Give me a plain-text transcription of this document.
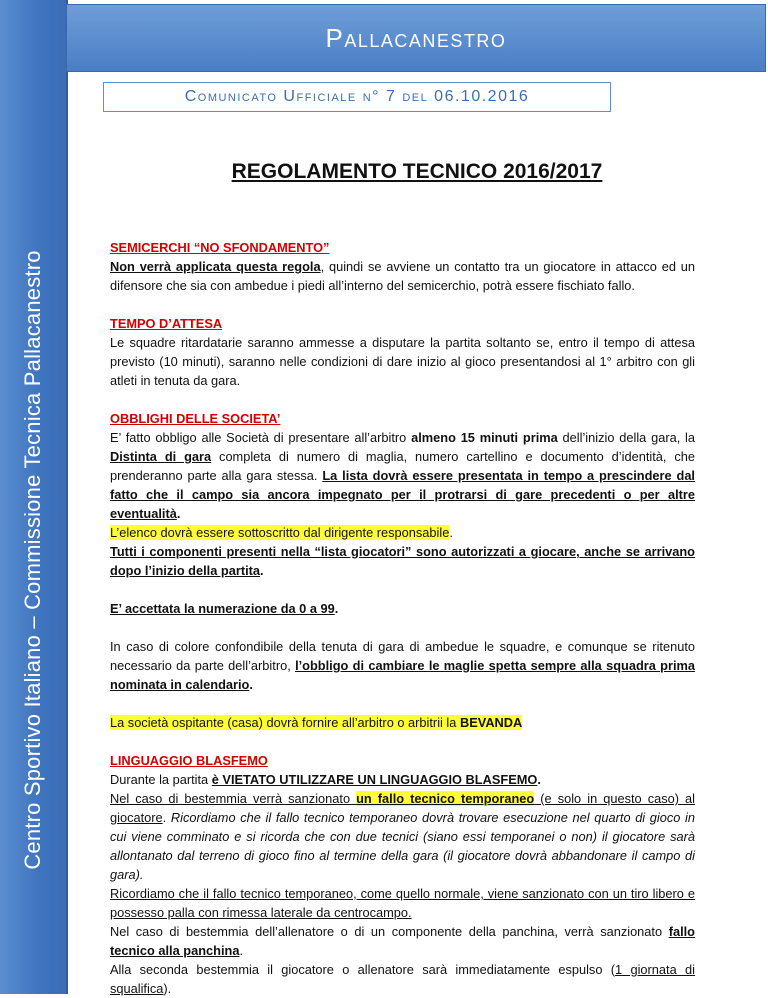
Centro Sportivo Italiano – Commissione Tecnica Pallacanestro
Pallacanestro
Comunicato Ufficiale n° 7 del 06.10.2016
REGOLAMENTO TECNICO 2016/2017

SEMICERCHI “NO SFONDAMENTO”

Non verrà applicata questa regola, quindi se avviene un contatto tra un giocatore in attacco ed un difensore che sia con ambedue i piedi all’interno del semicerchio, potrà essere fischiato fallo.

TEMPO D’ATTESA

Le squadre ritardatarie saranno ammesse a disputare la partita soltanto se, entro il tempo di attesa previsto (10 minuti), saranno nelle condizioni di dare inizio al gioco presentandosi al 1° arbitro con gli atleti in tenuta da gara.

OBBLIGHI DELLE SOCIETA’

E’ fatto obbligo alle Società di presentare all’arbitro almeno 15 minuti prima dell’inizio della gara, la Distinta di gara completa di numero di maglia, numero cartellino e documento d’identità, che prenderanno parte alla gara stessa. La lista dovrà essere presentata in tempo a prescindere dal fatto che il campo sia ancora impegnato per il protrarsi di gare precedenti o per altre eventualità.

L’elenco dovrà essere sottoscritto dal dirigente responsabile.

Tutti i componenti presenti nella “lista giocatori” sono autorizzati a giocare, anche se arrivano dopo l’inizio della partita.

E’ accettata la numerazione da 0 a 99.

In caso di colore confondibile della tenuta di gara di ambedue le squadre, e comunque se ritenuto necessario da parte dell’arbitro, l’obbligo di cambiare le maglie spetta sempre alla squadra prima nominata in calendario.

La società ospitante (casa) dovrà fornire all’arbitro o arbitrii la BEVANDA

LINGUAGGIO BLASFEMO

Durante la partita è VIETATO UTILIZZARE UN LINGUAGGIO BLASFEMO.

Nel caso di bestemmia verrà sanzionato un fallo tecnico temporaneo (e solo in questo caso) al giocatore. Ricordiamo che il fallo tecnico temporaneo dovrà trovare esecuzione nel quarto di gioco in cui viene comminato e si ricorda che con due tecnici (siano essi temporanei o non) il giocatore sarà allontanato dal terreno di gioco fino al termine della gara (il giocatore dovrà abbandonare il campo di gara).

Ricordiamo che il fallo tecnico temporaneo, come quello normale, viene sanzionato con un tiro libero e possesso palla con rimessa laterale da centrocampo.

Nel caso di bestemmia dell’allenatore o di un componente della panchina, verrà sanzionato fallo tecnico alla panchina.

Alla seconda bestemmia il giocatore o allenatore sarà immediatamente espulso (1 giornata di squalifica).
